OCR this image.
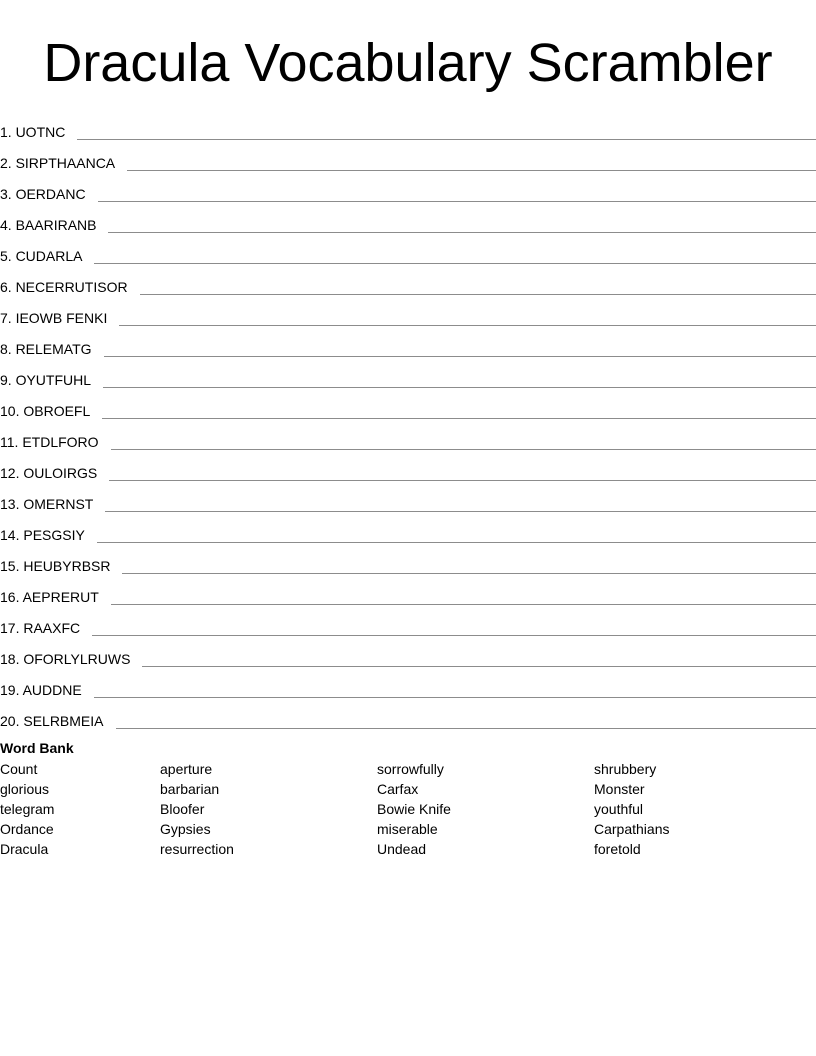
Dracula Vocabulary Scrambler
1. UOTNC
2. SIRPTHAANCA
3. OERDANC
4. BAARIRANB
5. CUDARLA
6. NECERRUTISOR
7. IEOWB FENKI
8. RELEMATG
9. OYUTFUHL
10. OBROEFL
11. ETDLFORO
12. OULOIRGS
13. OMERNST
14. PESGSIY
15. HEUBYRBSR
16. AEPRERUT
17. RAAXFC
18. OFORLYLRUWS
19. AUDDNE
20. SELRBMEIA
Word Bank
Count	aperture	sorrowfully	shrubbery
glorious	barbarian	Carfax	Monster
telegram	Bloofer	Bowie Knife	youthful
Ordance	Gypsies	miserable	Carpathians
Dracula	resurrection	Undead	foretold
